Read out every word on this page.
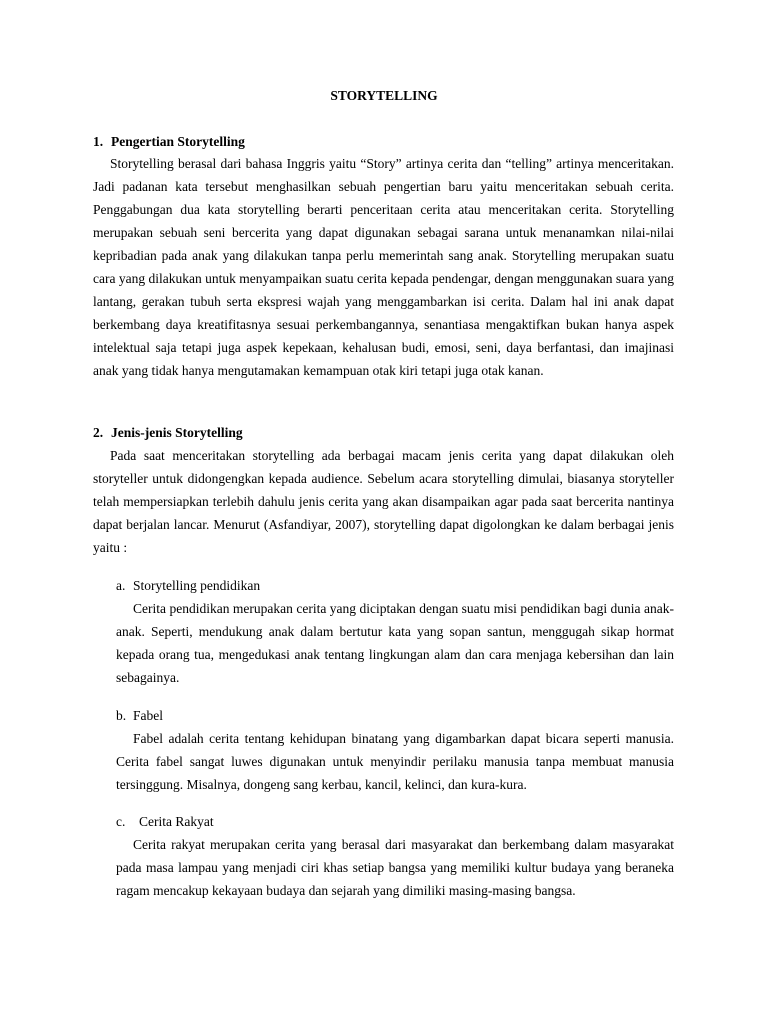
STORYTELLING
1. Pengertian Storytelling

Storytelling berasal dari bahasa Inggris yaitu “Story” artinya cerita dan “telling” artinya menceritakan. Jadi padanan kata tersebut menghasilkan sebuah pengertian baru yaitu menceritakan sebuah cerita. Penggabungan dua kata storytelling berarti penceritaan cerita atau menceritakan cerita. Storytelling merupakan sebuah seni bercerita yang dapat digunakan sebagai sarana untuk menanamkan nilai-nilai kepribadian pada anak yang dilakukan tanpa perlu memerintah sang anak. Storytelling merupakan suatu cara yang dilakukan untuk menyampaikan suatu cerita kepada pendengar, dengan menggunakan suara yang lantang, gerakan tubuh serta ekspresi wajah yang menggambarkan isi cerita. Dalam hal ini anak dapat berkembang daya kreatifitasnya sesuai perkembangannya, senantiasa mengaktifkan bukan hanya aspek intelektual saja tetapi juga aspek kepekaan, kehalusan budi, emosi, seni, daya berfantasi, dan imajinasi anak yang tidak hanya mengutamakan kemampuan otak kiri tetapi juga otak kanan.

2. Jenis-jenis Storytelling

Pada saat menceritakan storytelling ada berbagai macam jenis cerita yang dapat dilakukan oleh storyteller untuk didongengkan kepada audience. Sebelum acara storytelling dimulai, biasanya storyteller telah mempersiapkan terlebih dahulu jenis cerita yang akan disampaikan agar pada saat bercerita nantinya dapat berjalan lancar. Menurut (Asfandiyar, 2007), storytelling dapat digolongkan ke dalam berbagai jenis yaitu :

a. Storytelling pendidikan

Cerita pendidikan merupakan cerita yang diciptakan dengan suatu misi pendidikan bagi dunia anak-anak. Seperti, mendukung anak dalam bertutur kata yang sopan santun, menggugah sikap hormat kepada orang tua, mengedukasi anak tentang lingkungan alam dan cara menjaga kebersihan dan lain sebagainya.

b. Fabel

Fabel adalah cerita tentang kehidupan binatang yang digambarkan dapat bicara seperti manusia. Cerita fabel sangat luwes digunakan untuk menyindir perilaku manusia tanpa membuat manusia tersinggung. Misalnya, dongeng sang kerbau, kancil, kelinci, dan kura-kura.

c. Cerita Rakyat

Cerita rakyat merupakan cerita yang berasal dari masyarakat dan berkembang dalam masyarakat pada masa lampau yang menjadi ciri khas setiap bangsa yang memiliki kultur budaya yang beraneka ragam mencakup kekayaan budaya dan sejarah yang dimiliki masing-masing bangsa.
